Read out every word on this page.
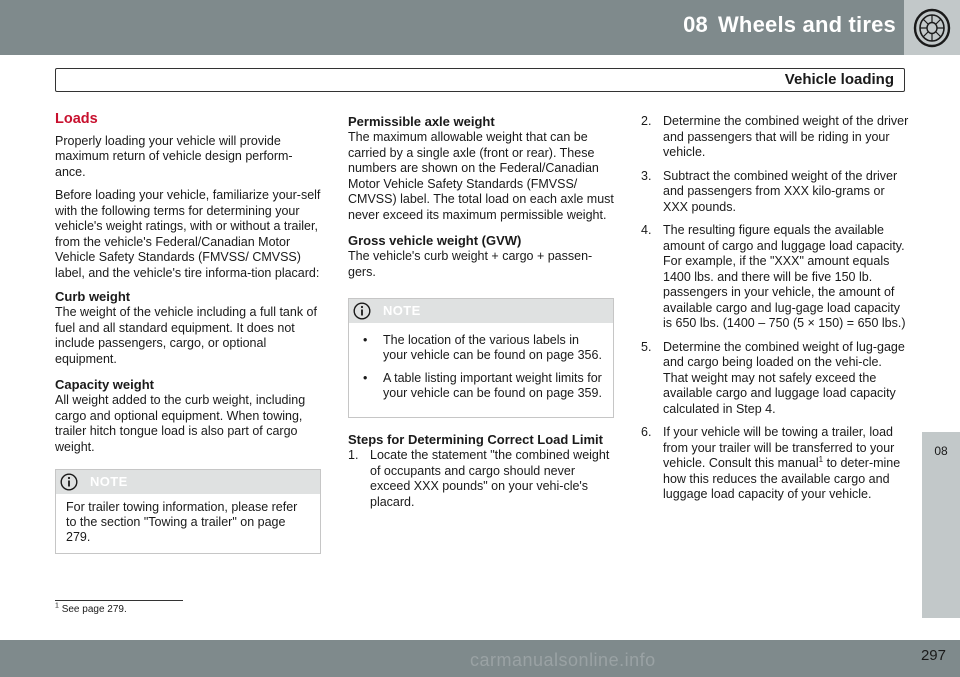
08 Wheels and tires
Vehicle loading
08
Loads

Properly loading your vehicle will provide maximum return of vehicle design perform-ance.

Before loading your vehicle, familiarize your-self with the following terms for determining your vehicle's weight ratings, with or without a trailer, from the vehicle's Federal/Canadian Motor Vehicle Safety Standards (FMVSS/ CMVSS) label, and the vehicle's tire informa-tion placard:

Curb weight

The weight of the vehicle including a full tank of fuel and all standard equipment. It does not include passengers, cargo, or optional equipment.

Capacity weight

All weight added to the curb weight, including cargo and optional equipment. When towing, trailer hitch tongue load is also part of cargo weight.

NOTE
For trailer towing information, please refer to the section "Towing a trailer" on page 279.
Permissible axle weight

The maximum allowable weight that can be carried by a single axle (front or rear). These numbers are shown on the Federal/Canadian Motor Vehicle Safety Standards (FMVSS/ CMVSS) label. The total load on each axle must never exceed its maximum permissible weight.

Gross vehicle weight (GVW)

The vehicle's curb weight + cargo + passen-gers.

NOTE
• The location of the various labels in your vehicle can be found on page 356.
• A table listing important weight limits for your vehicle can be found on page 359.
Steps for Determining Correct Load Limit
1. Locate the statement "the combined weight of occupants and cargo should never exceed XXX pounds" on your vehi-cle's placard.
2. Determine the combined weight of the driver and passengers that will be riding in your vehicle.
3. Subtract the combined weight of the driver and passengers from XXX kilo-grams or XXX pounds.
4. The resulting figure equals the available amount of cargo and luggage load capacity. For example, if the "XXX" amount equals 1400 lbs. and there will be five 150 lb. passengers in your vehicle, the amount of available cargo and lug-gage load capacity is 650 lbs. (1400 – 750 (5 × 150) = 650 lbs.)
5. Determine the combined weight of lug-gage and cargo being loaded on the vehi-cle. That weight may not safely exceed the available cargo and luggage load capacity calculated in Step 4.
6. If your vehicle will be towing a trailer, load from your trailer will be transferred to your vehicle. Consult this manual$^1$ to deter-mine how this reduces the available cargo and luggage load capacity of your vehicle.
$^1$ See page 279.
carmanualsonline.info	297
